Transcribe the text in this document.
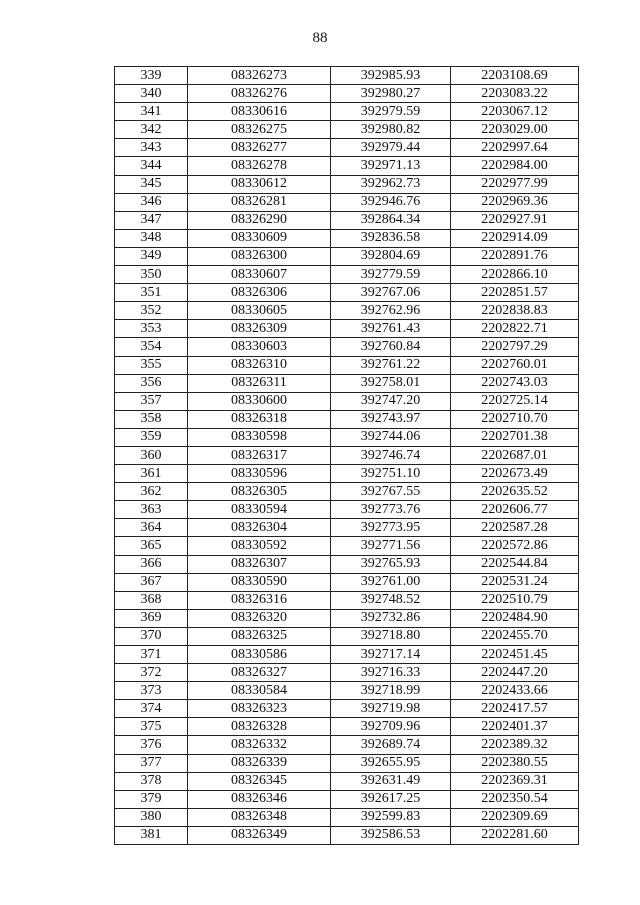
88
339	08326273	392985.93	2203108.69
340	08326276	392980.27	2203083.22
341	08330616	392979.59	2203067.12
342	08326275	392980.82	2203029.00
343	08326277	392979.44	2202997.64
344	08326278	392971.13	2202984.00
345	08330612	392962.73	2202977.99
346	08326281	392946.76	2202969.36
347	08326290	392864.34	2202927.91
348	08330609	392836.58	2202914.09
349	08326300	392804.69	2202891.76
350	08330607	392779.59	2202866.10
351	08326306	392767.06	2202851.57
352	08330605	392762.96	2202838.83
353	08326309	392761.43	2202822.71
354	08330603	392760.84	2202797.29
355	08326310	392761.22	2202760.01
356	08326311	392758.01	2202743.03
357	08330600	392747.20	2202725.14
358	08326318	392743.97	2202710.70
359	08330598	392744.06	2202701.38
360	08326317	392746.74	2202687.01
361	08330596	392751.10	2202673.49
362	08326305	392767.55	2202635.52
363	08330594	392773.76	2202606.77
364	08326304	392773.95	2202587.28
365	08330592	392771.56	2202572.86
366	08326307	392765.93	2202544.84
367	08330590	392761.00	2202531.24
368	08326316	392748.52	2202510.79
369	08326320	392732.86	2202484.90
370	08326325	392718.80	2202455.70
371	08330586	392717.14	2202451.45
372	08326327	392716.33	2202447.20
373	08330584	392718.99	2202433.66
374	08326323	392719.98	2202417.57
375	08326328	392709.96	2202401.37
376	08326332	392689.74	2202389.32
377	08326339	392655.95	2202380.55
378	08326345	392631.49	2202369.31
379	08326346	392617.25	2202350.54
380	08326348	392599.83	2202309.69
381	08326349	392586.53	2202281.60
